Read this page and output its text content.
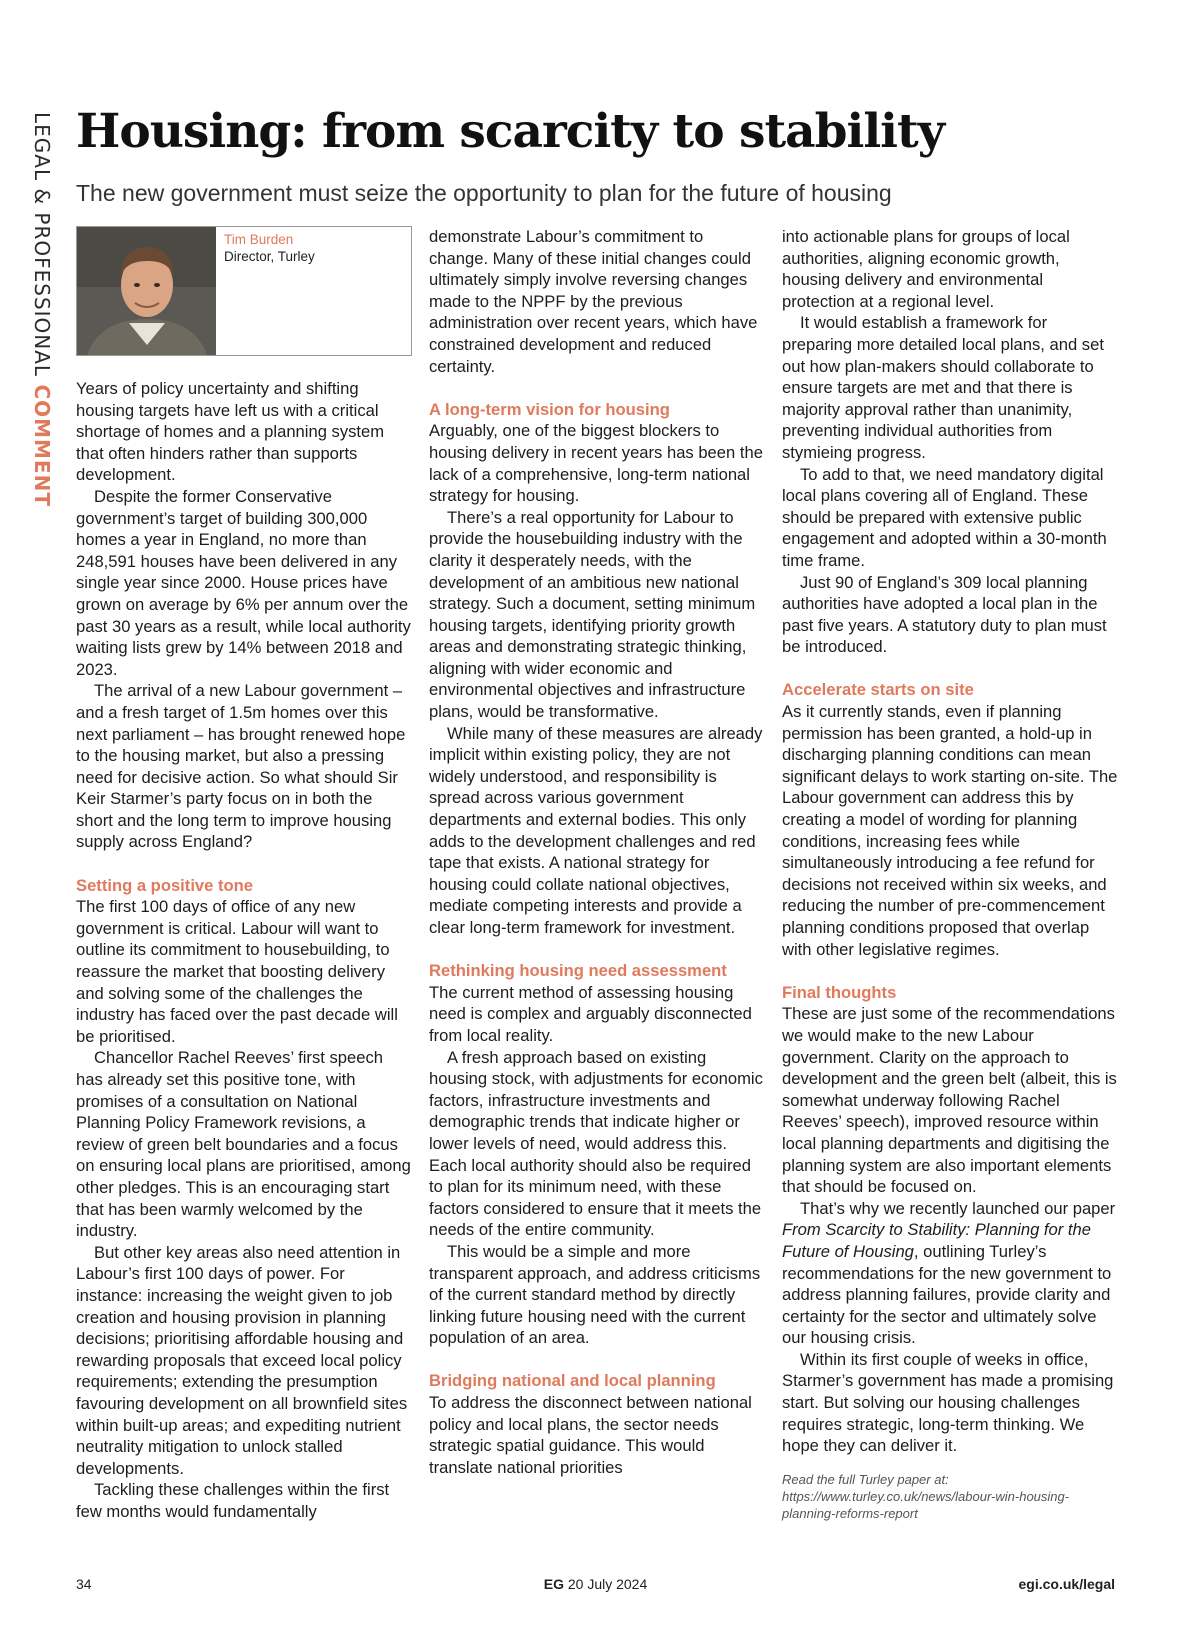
LEGAL & PROFESSIONAL COMMENT
Housing: from scarcity to stability
The new government must seize the opportunity to plan for the future of housing
Tim Burden
Director, Turley

Years of policy uncertainty and shifting housing targets have left us with a critical shortage of homes and a planning system that often hinders rather than supports development.

Despite the former Conservative government’s target of building 300,000 homes a year in England, no more than 248,591 houses have been delivered in any single year since 2000. House prices have grown on average by 6% per annum over the past 30 years as a result, while local authority waiting lists grew by 14% between 2018 and 2023.

The arrival of a new Labour government – and a fresh target of 1.5m homes over this next parliament – has brought renewed hope to the housing market, but also a pressing need for decisive action. So what should Sir Keir Starmer’s party focus on in both the short and the long term to improve housing supply across England?

Setting a positive tone

The first 100 days of office of any new government is critical. Labour will want to outline its commitment to housebuilding, to reassure the market that boosting delivery and solving some of the challenges the industry has faced over the past decade will be prioritised.

Chancellor Rachel Reeves’ first speech has already set this positive tone, with promises of a consultation on National Planning Policy Framework revisions, a review of green belt boundaries and a focus on ensuring local plans are prioritised, among other pledges. This is an encouraging start that has been warmly welcomed by the industry.

But other key areas also need attention in Labour’s first 100 days of power. For instance: increasing the weight given to job creation and housing provision in planning decisions; prioritising affordable housing and rewarding proposals that exceed local policy requirements; extending the presumption favouring development on all brownfield sites within built-up areas; and expediting nutrient neutrality mitigation to unlock stalled developments.

Tackling these challenges within the first few months would fundamentally

demonstrate Labour’s commitment to change. Many of these initial changes could ultimately simply involve reversing changes made to the NPPF by the previous administration over recent years, which have constrained development and reduced certainty.

A long-term vision for housing

Arguably, one of the biggest blockers to housing delivery in recent years has been the lack of a comprehensive, long-term national strategy for housing.

There’s a real opportunity for Labour to provide the housebuilding industry with the clarity it desperately needs, with the development of an ambitious new national strategy. Such a document, setting minimum housing targets, identifying priority growth areas and demonstrating strategic thinking, aligning with wider economic and environmental objectives and infrastructure plans, would be transformative.

While many of these measures are already implicit within existing policy, they are not widely understood, and responsibility is spread across various government departments and external bodies. This only adds to the development challenges and red tape that exists. A national strategy for housing could collate national objectives, mediate competing interests and provide a clear long-term framework for investment.

Rethinking housing need assessment

The current method of assessing housing need is complex and arguably disconnected from local reality.

A fresh approach based on existing housing stock, with adjustments for economic factors, infrastructure investments and demographic trends that indicate higher or lower levels of need, would address this. Each local authority should also be required to plan for its minimum need, with these factors considered to ensure that it meets the needs of the entire community.

This would be a simple and more transparent approach, and address criticisms of the current standard method by directly linking future housing need with the current population of an area.

Bridging national and local planning

To address the disconnect between national policy and local plans, the sector needs strategic spatial guidance. This would translate national priorities

into actionable plans for groups of local authorities, aligning economic growth, housing delivery and environmental protection at a regional level.

It would establish a framework for preparing more detailed local plans, and set out how plan-makers should collaborate to ensure targets are met and that there is majority approval rather than unanimity, preventing individual authorities from stymieing progress.

To add to that, we need mandatory digital local plans covering all of England. These should be prepared with extensive public engagement and adopted within a 30-month time frame.

Just 90 of England’s 309 local planning authorities have adopted a local plan in the past five years. A statutory duty to plan must be introduced.

Accelerate starts on site

As it currently stands, even if planning permission has been granted, a hold-up in discharging planning conditions can mean significant delays to work starting on-site. The Labour government can address this by creating a model of wording for planning conditions, increasing fees while simultaneously introducing a fee refund for decisions not received within six weeks, and reducing the number of pre-commencement planning conditions proposed that overlap with other legislative regimes.

Final thoughts

These are just some of the recommendations we would make to the new Labour government. Clarity on the approach to development and the green belt (albeit, this is somewhat underway following Rachel Reeves’ speech), improved resource within local planning departments and digitising the planning system are also important elements that should be focused on.

That’s why we recently launched our paper From Scarcity to Stability: Planning for the Future of Housing, outlining Turley’s recommendations for the new government to address planning failures, provide clarity and certainty for the sector and ultimately solve our housing crisis.

Within its first couple of weeks in office, Starmer’s government has made a promising start. But solving our housing challenges requires strategic, long-term thinking. We hope they can deliver it.

Read the full Turley paper at: https://www.turley.co.uk/news/labour-win-housing-planning-reforms-report
34	EG 20 July 2024	egi.co.uk/legal
